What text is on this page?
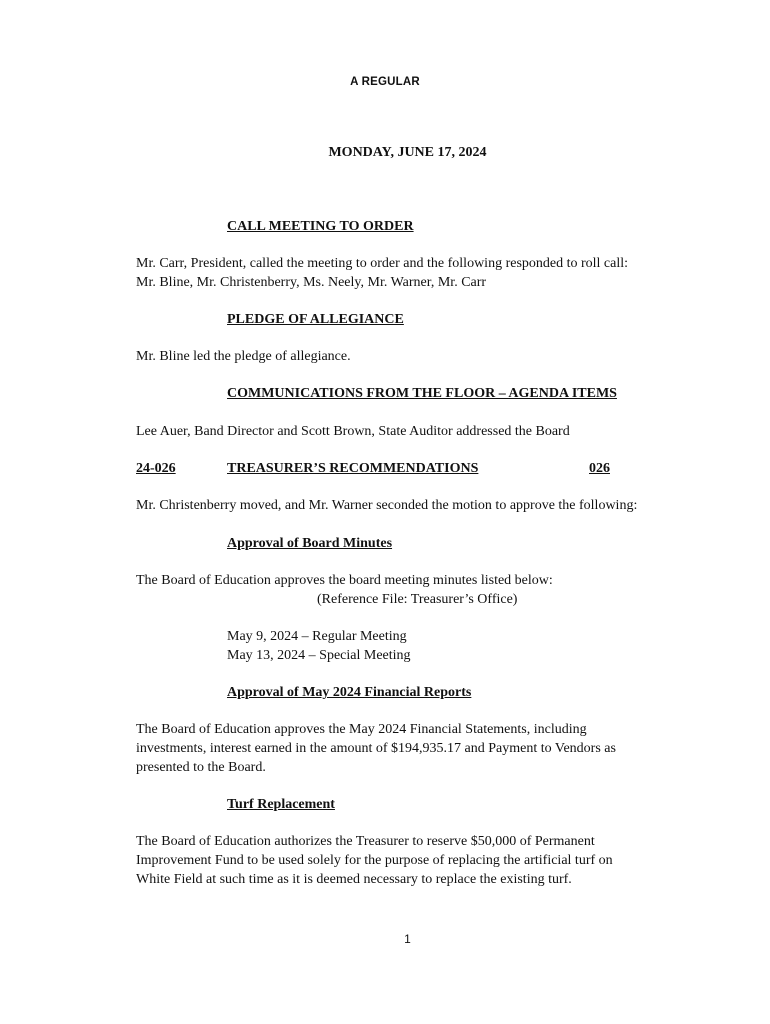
A REGULAR
MONDAY, JUNE 17, 2024
CALL MEETING TO ORDER
Mr. Carr, President, called the meeting to order and the following responded to roll call:
Mr. Bline, Mr. Christenberry, Ms. Neely, Mr. Warner, Mr. Carr
PLEDGE OF ALLEGIANCE
Mr. Bline led the pledge of allegiance.
COMMUNICATIONS FROM THE FLOOR – AGENDA ITEMS
Lee Auer, Band Director and Scott Brown, State Auditor addressed the Board
24-026	TREASURER’S RECOMMENDATIONS	026
Mr. Christenberry moved, and Mr. Warner seconded the motion to approve the following:
Approval of Board Minutes
The Board of Education approves the board meeting minutes listed below:
(Reference File: Treasurer’s Office)
May 9, 2024 – Regular Meeting
May 13, 2024 – Special Meeting
Approval of May 2024 Financial Reports
The Board of Education approves the May 2024 Financial Statements, including
investments, interest earned in the amount of $194,935.17 and Payment to Vendors as
presented to the Board.
Turf Replacement
The Board of Education authorizes the Treasurer to reserve $50,000 of Permanent
Improvement Fund to be used solely for the purpose of replacing the artificial turf on
White Field at such time as it is deemed necessary to replace the existing turf.
1
